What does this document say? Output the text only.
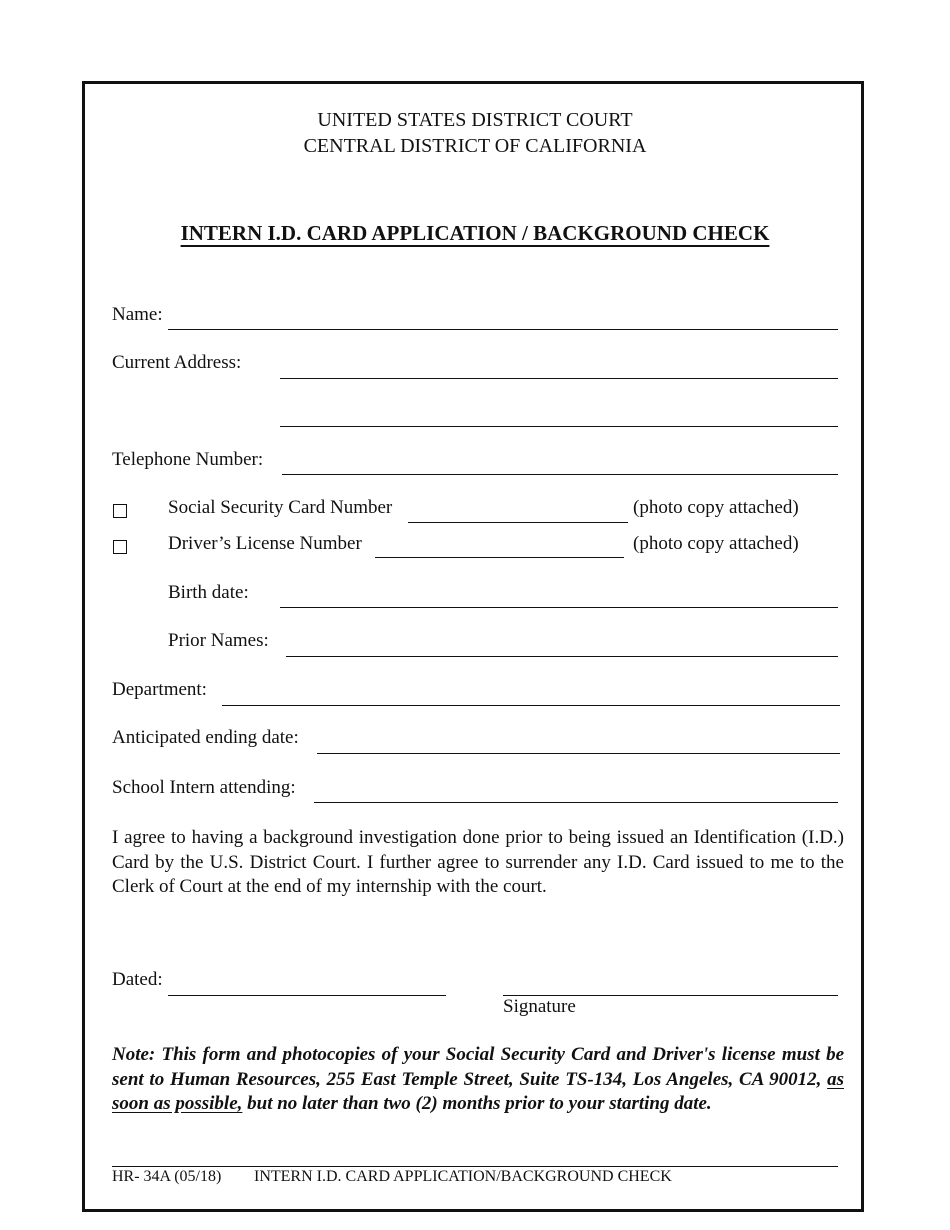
UNITED STATES DISTRICT COURT
CENTRAL DISTRICT OF CALIFORNIA
INTERN I.D. CARD APPLICATION / BACKGROUND CHECK
Name:
Current Address:
Telephone Number:
Social Security Card Number	(photo copy attached)
Driver’s License Number	(photo copy attached)
Birth date:
Prior Names:
Department:
Anticipated ending date:
School Intern attending:
I agree to having a background investigation done prior to being issued an Identification (I.D.) Card by the U.S. District Court. I further agree to surrender any I.D. Card issued to me to the Clerk of Court at the end of my internship with the court.
Dated:
Signature
Note: This form and photocopies of your Social Security Card and Driver's license must be sent to Human Resources, 255 East Temple Street, Suite TS-134, Los Angeles, CA 90012, as soon as possible, but no later than two (2) months prior to your starting date.
HR- 34A (05/18) INTERN I.D. CARD APPLICATION/BACKGROUND CHECK
